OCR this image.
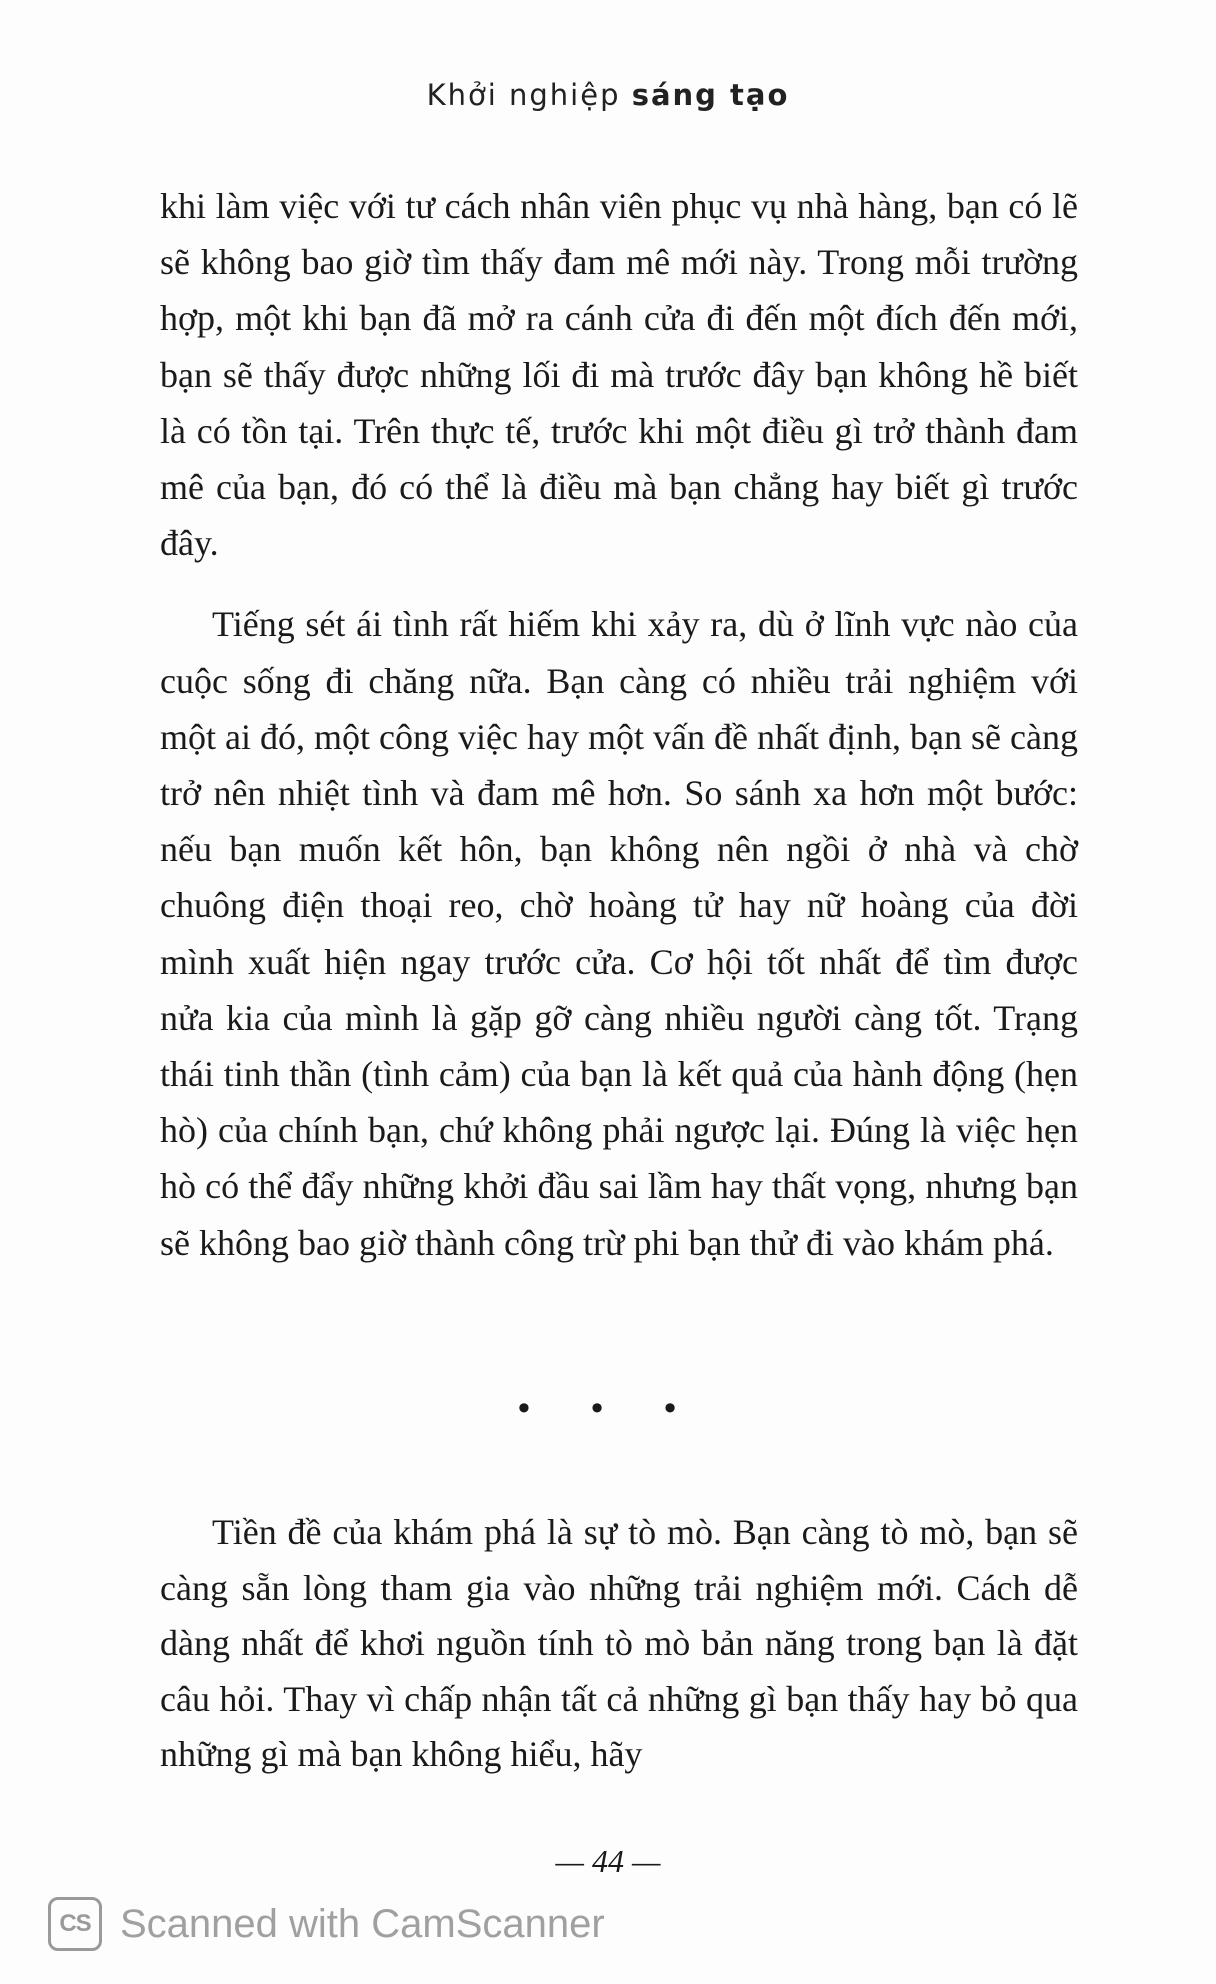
Khởi nghiệp sáng tạo

khi làm việc với tư cách nhân viên phục vụ nhà hàng, bạn có lẽ sẽ không bao giờ tìm thấy đam mê mới này. Trong mỗi trường hợp, một khi bạn đã mở ra cánh cửa đi đến một đích đến mới, bạn sẽ thấy được những lối đi mà trước đây bạn không hề biết là có tồn tại. Trên thực tế, trước khi một điều gì trở thành đam mê của bạn, đó có thể là điều mà bạn chẳng hay biết gì trước đây.

Tiếng sét ái tình rất hiếm khi xảy ra, dù ở lĩnh vực nào của cuộc sống đi chăng nữa. Bạn càng có nhiều trải nghiệm với một ai đó, một công việc hay một vấn đề nhất định, bạn sẽ càng trở nên nhiệt tình và đam mê hơn. So sánh xa hơn một bước: nếu bạn muốn kết hôn, bạn không nên ngồi ở nhà và chờ chuông điện thoại reo, chờ hoàng tử hay nữ hoàng của đời mình xuất hiện ngay trước cửa. Cơ hội tốt nhất để tìm được nửa kia của mình là gặp gỡ càng nhiều người càng tốt. Trạng thái tinh thần (tình cảm) của bạn là kết quả của hành động (hẹn hò) của chính bạn, chứ không phải ngược lại. Đúng là việc hẹn hò có thể đẩy những khởi đầu sai lầm hay thất vọng, nhưng bạn sẽ không bao giờ thành công trừ phi bạn thử đi vào khám phá.

• • •

Tiền đề của khám phá là sự tò mò. Bạn càng tò mò, bạn sẽ càng sẵn lòng tham gia vào những trải nghiệm mới. Cách dễ dàng nhất để khơi nguồn tính tò mò bản năng trong bạn là đặt câu hỏi. Thay vì chấp nhận tất cả những gì bạn thấy hay bỏ qua những gì mà bạn không hiểu, hãy

— 44 —
CS Scanned with CamScanner
